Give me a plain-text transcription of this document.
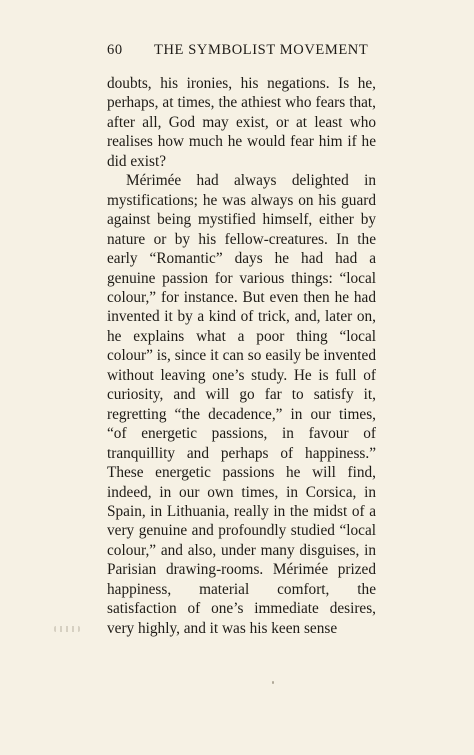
60 THE SYMBOLIST MOVEMENT

doubts, his ironies, his negations. Is he, perhaps, at times, the athiest who fears that, after all, God may exist, or at least who realises how much he would fear him if he did exist?

Mérimée had always delighted in mystifications; he was always on his guard against being mystified himself, either by nature or by his fellow-creatures. In the early “Romantic” days he had had a genuine passion for various things: “local colour,” for instance. But even then he had invented it by a kind of trick, and, later on, he explains what a poor thing “local colour” is, since it can so easily be invented without leaving one’s study. He is full of curiosity, and will go far to satisfy it, regretting “the decadence,” in our times, “of energetic passions, in favour of tranquillity and perhaps of happiness.” These energetic passions he will find, indeed, in our own times, in Corsica, in Spain, in Lithuania, really in the midst of a very genuine and profoundly studied “local colour,” and also, under many disguises, in Parisian drawing-rooms. Mérimée prized happiness, material comfort, the satisfaction of one’s immediate desires, very highly, and it was his keen sense
